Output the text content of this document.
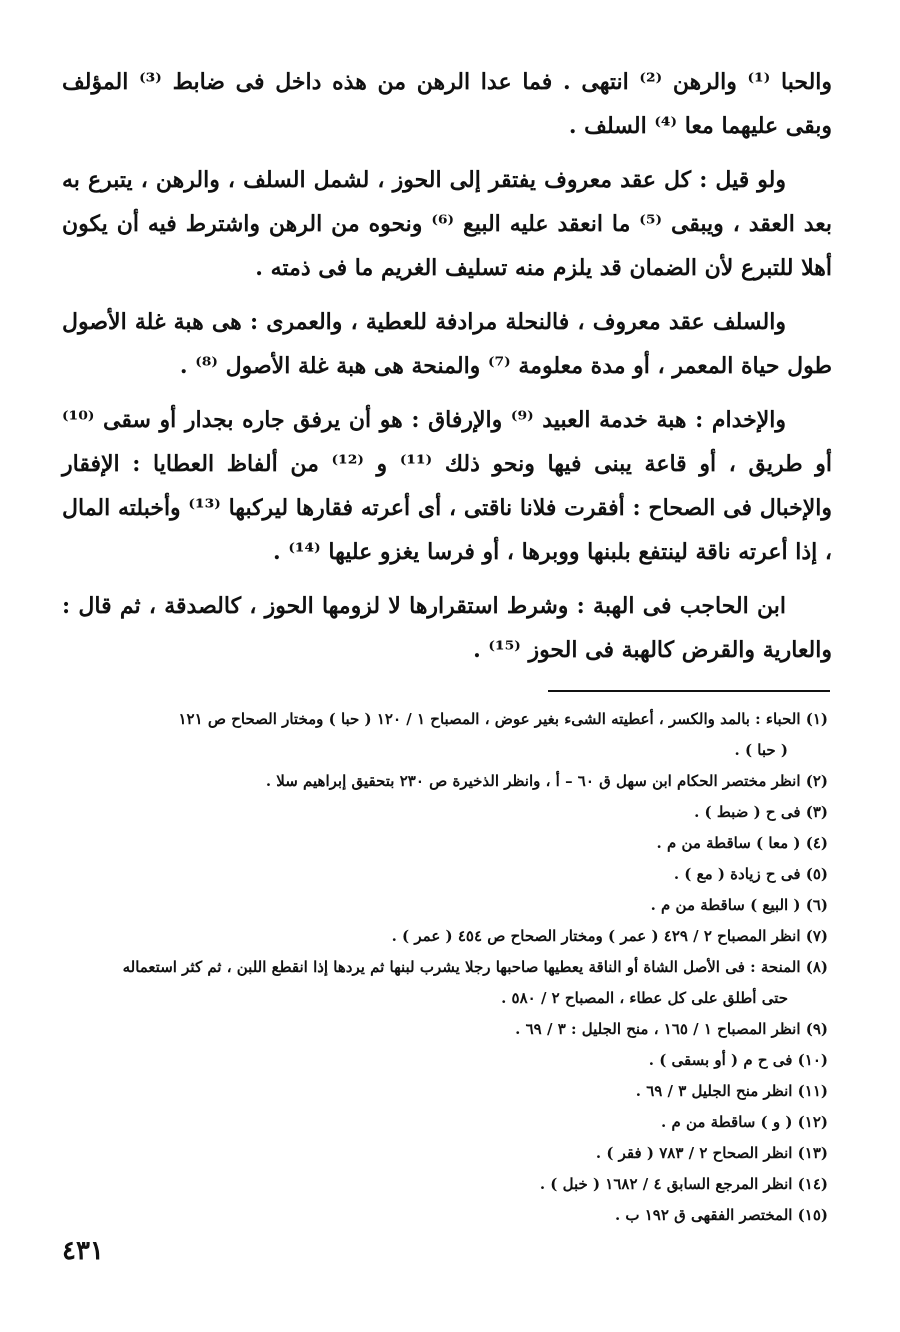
والحبا ⁽¹⁾ والرهن ⁽²⁾ انتهى . فما عدا الرهن من هذه داخل فى ضابط ⁽³⁾ المؤلف وبقى عليهما معا ⁽⁴⁾ السلف .

ولو قيل : كل عقد معروف يفتقر إلى الحوز ، لشمل السلف ، والرهن ، يتبرع به بعد العقد ، ويبقى ⁽⁵⁾ ما انعقد عليه البيع ⁽⁶⁾ ونحوه من الرهن واشترط فيه أن يكون أهلا للتبرع لأن الضمان قد يلزم منه تسليف الغريم ما فى ذمته .

والسلف عقد معروف ، فالنحلة مرادفة للعطية ، والعمرى : هى هبة غلة الأصول طول حياة المعمر ، أو مدة معلومة ⁽⁷⁾ والمنحة هى هبة غلة الأصول ⁽⁸⁾ .

والإخدام : هبة خدمة العبيد ⁽⁹⁾ والإرفاق : هو أن يرفق جاره بجدار أو سقى ⁽¹⁰⁾ أو طريق ، أو قاعة يبنى فيها ونحو ذلك ⁽¹¹⁾ و ⁽¹²⁾ من ألفاظ العطايا : الإفقار والإخبال فى الصحاح : أفقرت فلانا ناقتى ، أى أعرته فقارها ليركبها ⁽¹³⁾ وأخبلته المال ، إذا أعرته ناقة لينتفع بلبنها ووبرها ، أو فرسا يغزو عليها ⁽¹⁴⁾ .

ابن الحاجب فى الهبة : وشرط استقرارها لا لزومها الحوز ، كالصدقة ، ثم قال : والعارية والقرض كالهبة فى الحوز ⁽¹⁵⁾ .

(١) الحباء : بالمد والكسر ، أعطيته الشىء بغير عوض ، المصباح ١ / ١٢٠ ( حبا ) ومختار الصحاح ص ١٢١
( حبا ) .
(٢) انظر مختصر الحكام ابن سهل ق ٦٠ – أ ، وانظر الذخيرة ص ٢٣٠ بتحقيق إبراهيم سلا .
(٣) فى ح ( ضبط ) .
(٤) ( معا ) ساقطة من م .
(٥) فى ح زيادة ( مع ) .
(٦) ( البيع ) ساقطة من م .
(٧) انظر المصباح ٢ / ٤٢٩ ( عمر ) ومختار الصحاح ص ٤٥٤ ( عمر ) .
(٨) المنحة : فى الأصل الشاة أو الناقة يعطيها صاحبها رجلا يشرب لبنها ثم يردها إذا انقطع اللبن ، ثم كثر استعماله
حتى أطلق على كل عطاء ، المصباح ٢ / ٥٨٠ .
(٩) انظر المصباح ١ / ١٦٥ ، منح الجليل : ٣ / ٦٩ .
(١٠) فى ح م ( أو بسقى ) .
(١١) انظر منح الجليل ٣ / ٦٩ .
(١٢) ( و ) ساقطة من م .
(١٣) انظر الصحاح ٢ / ٧٨٣ ( فقر ) .
(١٤) انظر المرجع السابق ٤ / ١٦٨٢ ( خبل ) .
(١٥) المختصر الفقهى ق ١٩٢ ب .
٤٣١
